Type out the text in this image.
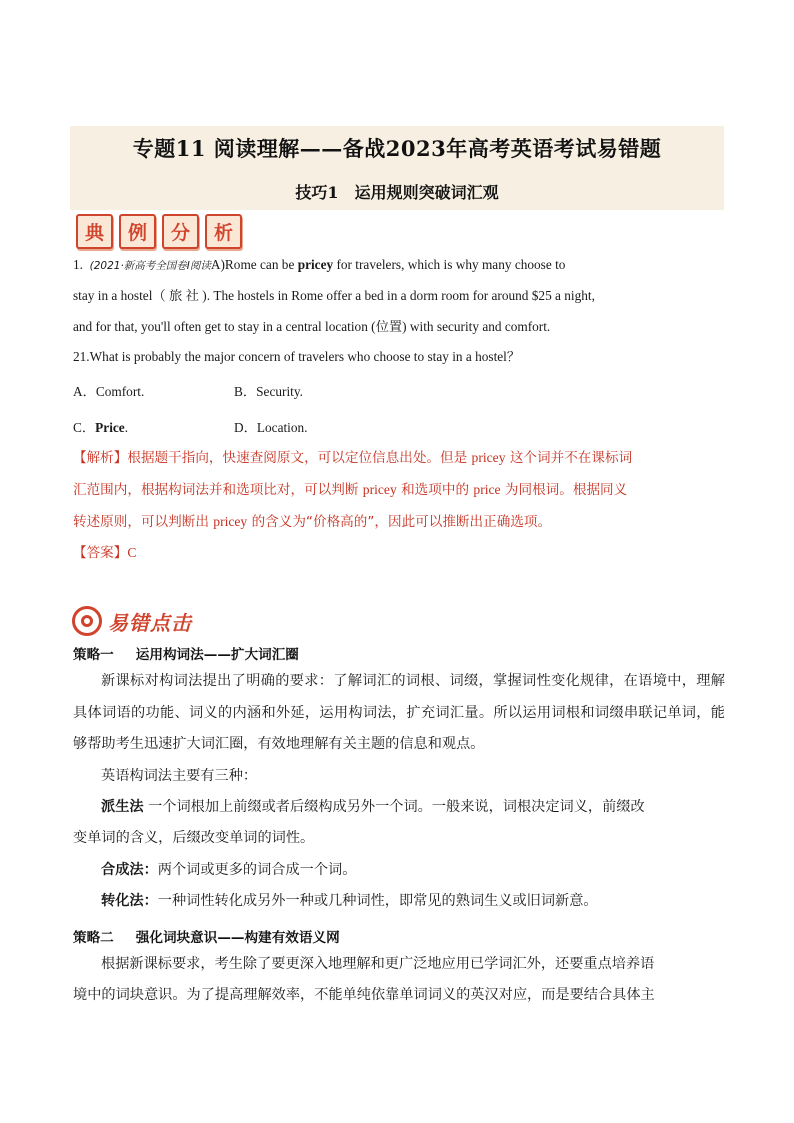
专题11 阅读理解——备战2023年高考英语考试易错题
技巧1 运用规则突破词汇观
典	例	分	析
1. (2021·新高考全国卷Ⅰ阅读A)Rome can be pricey for travelers, which is why many choose to
stay in a hostel（ 旅 社 ). The hostels in Rome offer a bed in a dorm room for around $25 a night,
and for that, you'll often get to stay in a central location (位置) with security and comfort.
21.What is probably the major concern of travelers who choose to stay in a hostel？
A．Comfort.	B．Security.
C．Price.	D．Location.
【解析】根据题干指向，快速查阅原文，可以定位信息出处。但是 pricey 这个词并不在课标词
汇范围内，根据构词法并和选项比对，可以判断 pricey 和选项中的 price 为同根词。根据同义
转述原则，可以判断出 pricey 的含义为“价格高的”，因此可以推断出正确选项。
【答案】C
易错点击
策略一 运用构词法——扩大词汇圈
新课标对构词法提出了明确的要求：了解词汇的词根、词缀，掌握词性变化规律，在语境中，理解具体词语的功能、词义的内涵和外延，运用构词法，扩充词汇量。所以运用词根和词缀串联记单词，能够帮助考生迅速扩大词汇圈，有效地理解有关主题的信息和观点。
英语构词法主要有三种：
派生法 一个词根加上前缀或者后缀构成另外一个词。一般来说，词根决定词义，前缀改
变单词的含义，后缀改变单词的词性。
合成法：两个词或更多的词合成一个词。
转化法：一种词性转化成另外一种或几种词性，即常见的熟词生义或旧词新意。
策略二 强化词块意识——构建有效语义网
根据新课标要求，考生除了要更深入地理解和更广泛地应用已学词汇外，还要重点培养语
境中的词块意识。为了提高理解效率，不能单纯依靠单词词义的英汉对应，而是要结合具体主
